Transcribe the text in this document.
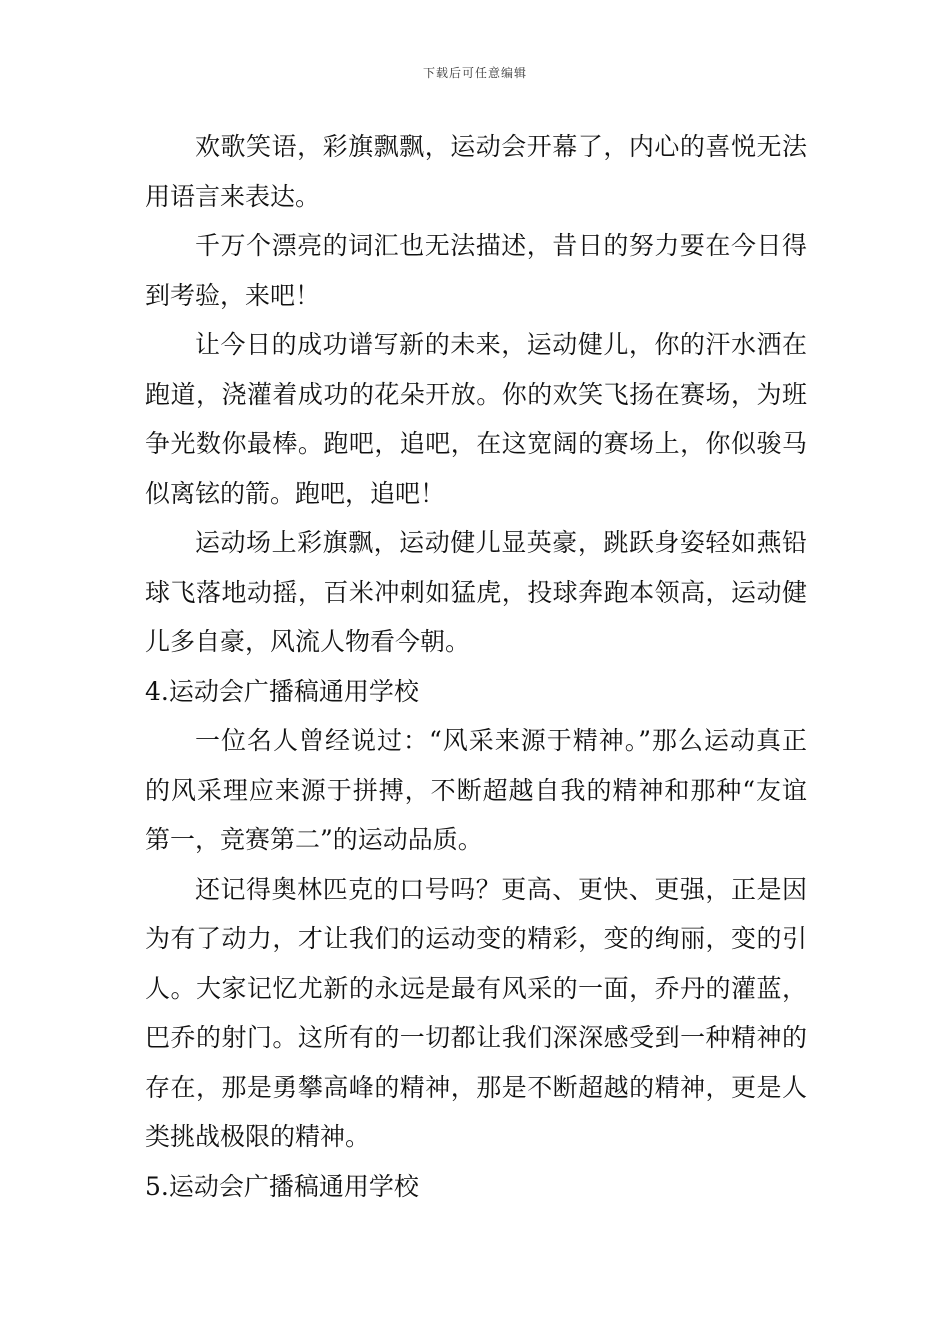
下载后可任意编辑

欢歌笑语，彩旗飘飘，运动会开幕了，内心的喜悦无法用语言来表达。

千万个漂亮的词汇也无法描述，昔日的努力要在今日得到考验，来吧！

让今日的成功谱写新的未来，运动健儿，你的汗水洒在跑道，浇灌着成功的花朵开放。你的欢笑飞扬在赛场，为班争光数你最棒。跑吧，追吧，在这宽阔的赛场上，你似骏马似离铉的箭。跑吧，追吧！

运动场上彩旗飘，运动健儿显英豪，跳跃身姿轻如燕铅球飞落地动摇，百米冲刺如猛虎，投球奔跑本领高，运动健儿多自豪，风流人物看今朝。

4.运动会广播稿通用学校

一位名人曾经说过：“风采来源于精神。”那么运动真正的风采理应来源于拼搏，不断超越自我的精神和那种“友谊第一，竞赛第二”的运动品质。

还记得奥林匹克的口号吗？更高、更快、更强，正是因为有了动力，才让我们的运动变的精彩，变的绚丽，变的引人。大家记忆尤新的永远是最有风采的一面，乔丹的灌蓝，巴乔的射门。这所有的一切都让我们深深感受到一种精神的存在，那是勇攀高峰的精神，那是不断超越的精神，更是人类挑战极限的精神。

5.运动会广播稿通用学校
